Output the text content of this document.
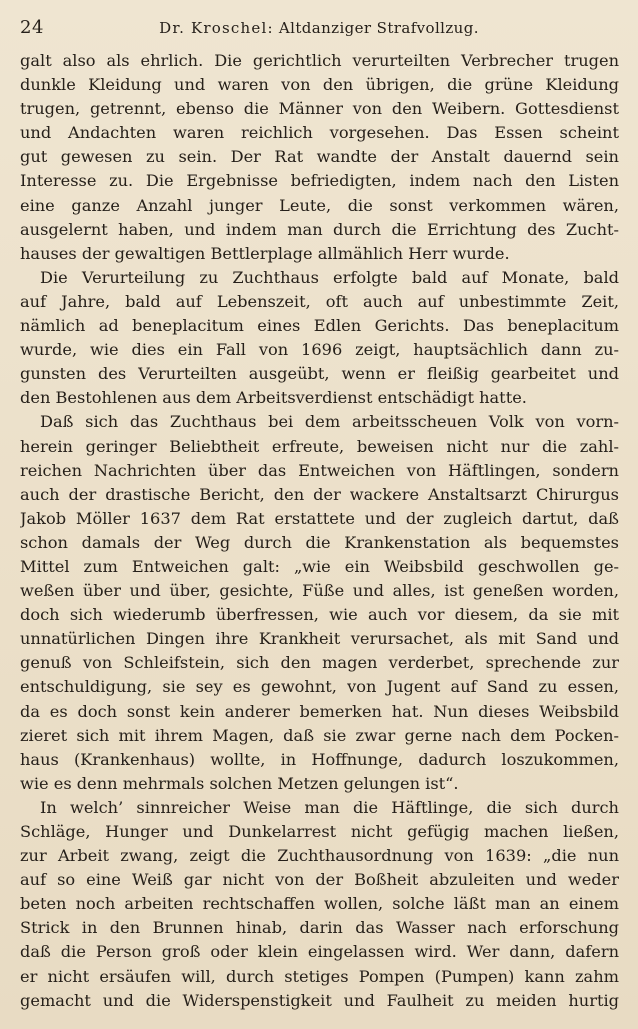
24	Dr. Kroschel: Altdanziger Strafvollzug.
galt also als ehrlich. Die gerichtlich verurteilten Verbrecher trugen
dunkle Kleidung und waren von den übrigen, die grüne Kleidung
trugen, getrennt, ebenso die Männer von den Weibern. Gottesdienst
und Andachten waren reichlich vorgesehen. Das Essen scheint
gut gewesen zu sein. Der Rat wandte der Anstalt dauernd sein
Interesse zu. Die Ergebnisse befriedigten, indem nach den Listen
eine ganze Anzahl junger Leute, die sonst verkommen wären,
ausgelernt haben, und indem man durch die Errichtung des Zucht-
hauses der gewaltigen Bettlerplage allmählich Herr wurde.
Die Verurteilung zu Zuchthaus erfolgte bald auf Monate, bald
auf Jahre, bald auf Lebenszeit, oft auch auf unbestimmte Zeit,
nämlich ad beneplacitum eines Edlen Gerichts. Das beneplacitum
wurde, wie dies ein Fall von 1696 zeigt, hauptsächlich dann zu-
gunsten des Verurteilten ausgeübt, wenn er fleißig gearbeitet und
den Bestohlenen aus dem Arbeitsverdienst entschädigt hatte.
Daß sich das Zuchthaus bei dem arbeitsscheuen Volk von vorn-
herein geringer Beliebtheit erfreute, beweisen nicht nur die zahl-
reichen Nachrichten über das Entweichen von Häftlingen, sondern
auch der drastische Bericht, den der wackere Anstaltsarzt Chirurgus
Jakob Möller 1637 dem Rat erstattete und der zugleich dartut, daß
schon damals der Weg durch die Krankenstation als bequemstes
Mittel zum Entweichen galt: „wie ein Weibsbild geschwollen ge-
weßen über und über, gesichte, Füße und alles, ist geneßen worden,
doch sich wiederumb überfressen, wie auch vor diesem, da sie mit
unnatürlichen Dingen ihre Krankheit verursachet, als mit Sand und
genuß von Schleifstein, sich den magen verderbet, sprechende zur
entschuldigung, sie sey es gewohnt, von Jugent auf Sand zu essen,
da es doch sonst kein anderer bemerken hat. Nun dieses Weibsbild
zieret sich mit ihrem Magen, daß sie zwar gerne nach dem Pocken-
haus (Krankenhaus) wollte, in Hoffnunge, dadurch loszukommen,
wie es denn mehrmals solchen Metzen gelungen ist“.
In welch’ sinnreicher Weise man die Häftlinge, die sich durch
Schläge, Hunger und Dunkelarrest nicht gefügig machen ließen,
zur Arbeit zwang, zeigt die Zuchthausordnung von 1639: „die nun
auf so eine Weiß gar nicht von der Boßheit abzuleiten und weder
beten noch arbeiten rechtschaffen wollen, solche läßt man an einem
Strick in den Brunnen hinab, darin das Wasser nach erforschung
daß die Person groß oder klein eingelassen wird. Wer dann, dafern
er nicht ersäufen will, durch stetiges Pompen (Pumpen) kann zahm
gemacht und die Widerspenstigkeit und Faulheit zu meiden hurtig
